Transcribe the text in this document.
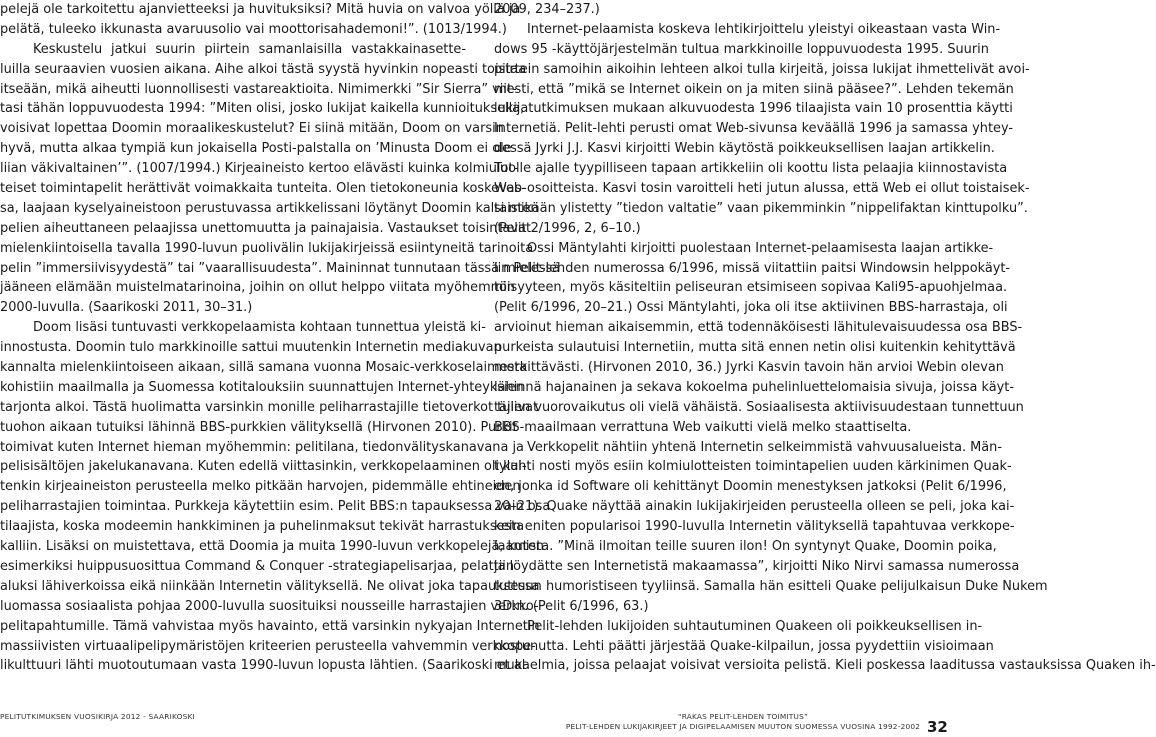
pelejä ole tarkoitettu ajanvietteeksi ja huvituksiksi? Mitä huvia on valvoa yöllä ja
pelätä, tuleeko ikkunasta avaruusolio vai moottorisahademoni!”. (1013/1994.)
Keskustelu jatkui suurin piirtein samanlaisilla vastakkainasette-
luilla seuraavien vuosien aikana. Aihe alkoi tästä syystä hyvinkin nopeasti toistaa
itseään, mikä aiheutti luonnollisesti vastareaktioita. Nimimerkki ”Sir Sierra” viit-
tasi tähän loppuvuodesta 1994: ”Miten olisi, josko lukijat kaikella kunnioituksella,
voisivat lopettaa Doomin moraalikeskustelut? Ei siinä mitään, Doom on varsin
hyvä, mutta alkaa tympiä kun jokaisella Posti-palstalla on ’Minusta Doom ei ole
liian väkivaltainen’”. (1007/1994.) Kirjeaineisto kertoo elävästi kuinka kolmiulot-
teiset toimintapelit herättivät voimakkaita tunteita. Olen tietokoneunia koskevas-
sa, laajaan kyselyaineistoon perustuvassa artikkelissani löytänyt Doomin kaltaisten
pelien aiheuttaneen pelaajissa unettomuutta ja painajaisia. Vastaukset toisintavat
mielenkiintoisella tavalla 1990-luvun puolivälin lukijakirjeissä esiintyneitä tarinoita
pelin ”immersiivisyydestä” tai ”vaarallisuudesta”. Maininnat tunnutaan tässä mielessä
jääneen elämään muistelmatarinoina, joihin on ollut helppo viitata myöhemmin
2000-luvulla. (Saarikoski 2011, 30–31.)
Doom lisäsi tuntuvasti verkkopelaamista kohtaan tunnettua yleistä ki-
innostusta. Doomin tulo markkinoille sattui muutenkin Internetin mediakuvan
kannalta mielenkiintoiseen aikaan, sillä samana vuonna Mosaic-verkkoselaimesta
kohistiin maailmalla ja Suomessa kotitalouksiin suunnattujen Internet-yhteyksien
tarjonta alkoi. Tästä huolimatta varsinkin monille peliharrastajille tietoverkot tulivat
tuohon aikaan tutuiksi lähinnä BBS-purkkien välityksellä (Hirvonen 2010). Purkit
toimivat kuten Internet hieman myöhemmin: pelitilana, tiedonvälityskanavana ja
pelisisältöjen jakelukanavana. Kuten edellä viittasinkin, verkkopelaaminen oli kui-
tenkin kirjeaineiston perusteella melko pitkään harvojen, pidemmälle ehtineiden
peliharrastajien toimintaa. Purkkeja käytettiin esim. Pelit BBS:n tapauksessa vain osa
tilaajista, koska modeemin hankkiminen ja puhelinmaksut tekivät harrastuksesta
kalliin. Lisäksi on muistettava, että Doomia ja muita 1990-luvun verkkopelejä, kuten
esimerkiksi huippusuosittua Command & Conquer -strategiapelisarjaa, pelattiin
aluksi lähiverkoissa eikä niinkään Internetin välityksellä. Ne olivat joka tapauksessa
luomassa sosiaalista pohjaa 2000-luvulla suosituiksi nousseille harrastajien verkko-
pelitapahtumille. Tämä vahvistaa myös havainto, että varsinkin nykyajan Internetin
massiivisten virtuaalipelipymäristöjen kriteerien perusteella vahvemmin verkkope-
likulttuuri lähti muotoutumaan vasta 1990-luvun lopusta lähtien. (Saarikoski et al
2009, 234–237.)
Internet-pelaamista koskeva lehtikirjoittelu yleistyi oikeastaan vasta Win-
dows 95 -käyttöjärjestelmän tultua markkinoille loppuvuodesta 1995. Suurin
piirtein samoihin aikoihin lehteen alkoi tulla kirjeitä, joissa lukijat ihmettelivät avoi-
mesti, että ”mikä se Internet oikein on ja miten siinä pääsee?”. Lehden tekemän
lukijatutkimuksen mukaan alkuvuodesta 1996 tilaajista vain 10 prosenttia käytti
Internetiä. Pelit-lehti perusti omat Web-sivunsa keväällä 1996 ja samassa yhtey-
dessä Jyrki J.J. Kasvi kirjoitti Webin käytöstä poikkeuksellisen laajan artikkelin.
Tuolle ajalle tyypilliseen tapaan artikkeliin oli koottu lista pelaajia kiinnostavista
Web-osoitteista. Kasvi tosin varoitteli heti jutun alussa, että Web ei ollut toistaisek-
si mikään ylistetty ”tiedon valtatie” vaan pikemminkin ”nippelifaktan kinttupolku”.
(Pelit 2/1996, 2, 6–10.)
Ossi Mäntylahti kirjoitti puolestaan Internet-pelaamisesta laajan artikke-
lin Pelit-lehden numerossa 6/1996, missä viitattiin paitsi Windowsin helppokäyt-
töisyyteen, myös käsiteltiin peliseuran etsimiseen sopivaa Kali95-apuohjelmaa.
(Pelit 6/1996, 20–21.) Ossi Mäntylahti, joka oli itse aktiivinen BBS-harrastaja, oli
arvioinut hieman aikaisemmin, että todennäköisesti lähitulevaisuudessa osa BBS-
purkeista sulautuisi Internetiin, mutta sitä ennen netin olisi kuitenkin kehityttävä
merkittävästi. (Hirvonen 2010, 36.) Jyrki Kasvin tavoin hän arvioi Webin olevan
lähinnä hajanainen ja sekava kokoelma puhelinluettelomaisia sivuja, joissa käyt-
täjien vuorovaikutus oli vielä vähäistä. Sosiaalisesta aktiivisuudestaan tunnettuun
BBS-maailmaan verrattuna Web vaikutti vielä melko staattiselta.
Verkkopelit nähtiin yhtenä Internetin selkeimmistä vahvuusalueista. Män-
tylahti nosti myös esiin kolmiulotteisten toimintapelien uuden kärkinimen Quak-
en, jonka id Software oli kehittänyt Doomin menestyksen jatkoksi (Pelit 6/1996,
20–21). Quake näyttää ainakin lukijakirjeiden perusteella olleen se peli, joka kai-
kein eniten popularisoi 1990-luvulla Internetin välityksellä tapahtuvaa verkkope-
laamista. ”Minä ilmoitan teille suuren ilon! On syntynyt Quake, Doomin poika,
ja löydätte sen Internetistä makaamassa”, kirjoitti Niko Nirvi samassa numerossa
tuttuun humoristiseen tyyliinsä. Samalla hän esitteli Quake pelijulkaisun Duke Nukem
3D:n. (Pelit 6/1996, 63.)
Pelit-lehden lukijoiden suhtautuminen Quakeen oli poikkeuksellisen in-
nostunutta. Lehti päätti järjestää Quake-kilpailun, jossa pyydettiin visioimaan
mukaelmia, joissa pelaajat voisivat versioita pelistä. Kieli poskessa laaditussa vastauksissa Quaken ih-
PELITUTKIMUKSEN VUOSIKIRJA 2012 - SAARIKOSKI	“RAKAS PELIT-LEHDEN TOIMITUS”
PELIT-LEHDEN LUKIJAKIRJEET JA DIGIPELAAMISEN MUUTON SUOMESSA VUOSINA 1992-2002 32
